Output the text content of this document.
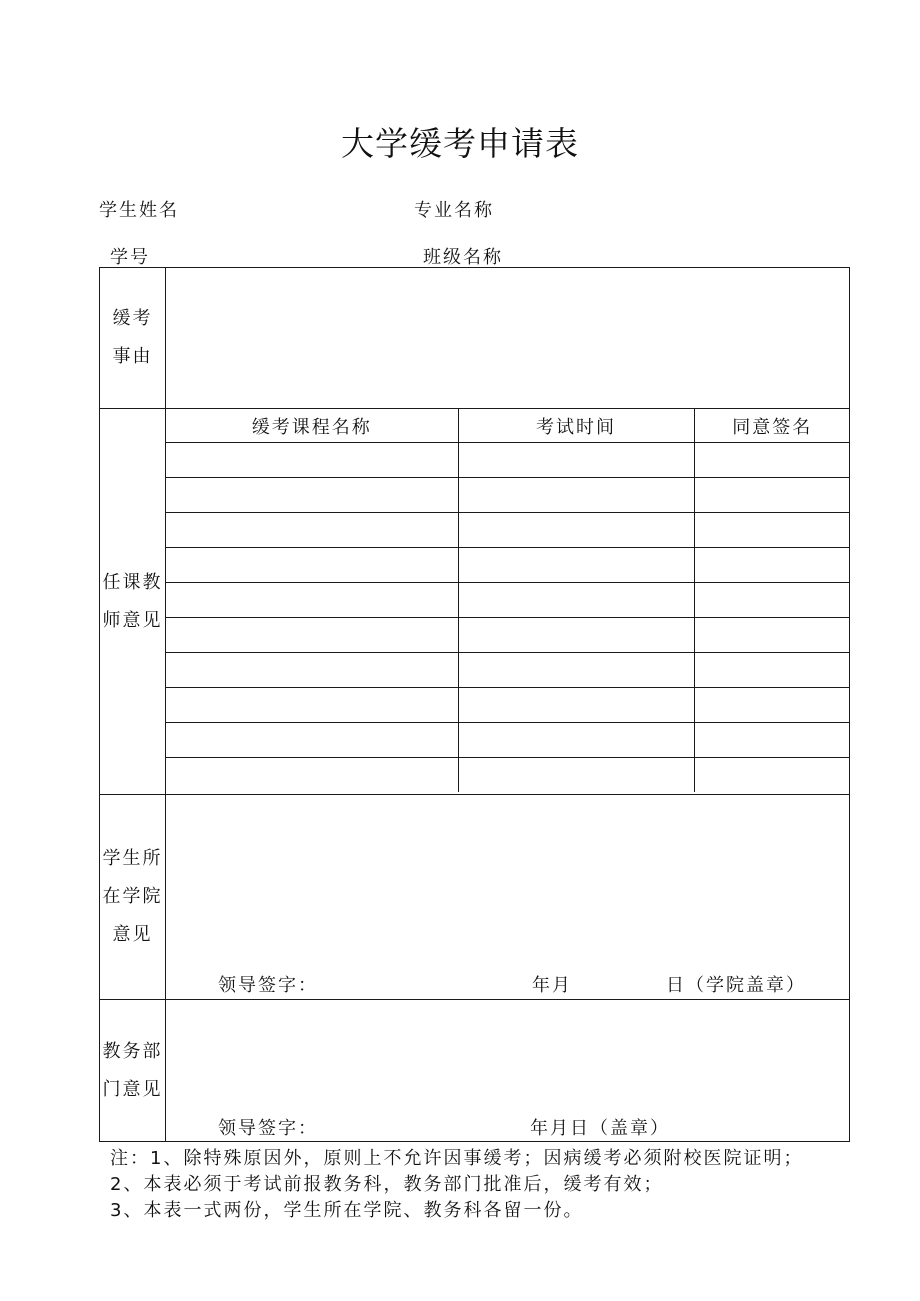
大学缓考申请表
学生姓名	专业名称
学号	班级名称
缓考
事由

任课教
师意见

缓考课程名称	考试时间	同意签名

学生所
在学院
意见

领导签字：	年月	日（学院盖章）

教务部
门意见

领导签字：	年月日（盖章）
注：1、除特殊原因外，原则上不允许因事缓考；因病缓考必须附校医院证明；
2、本表必须于考试前报教务科，教务部门批准后，缓考有效；
3、本表一式两份，学生所在学院、教务科各留一份。
